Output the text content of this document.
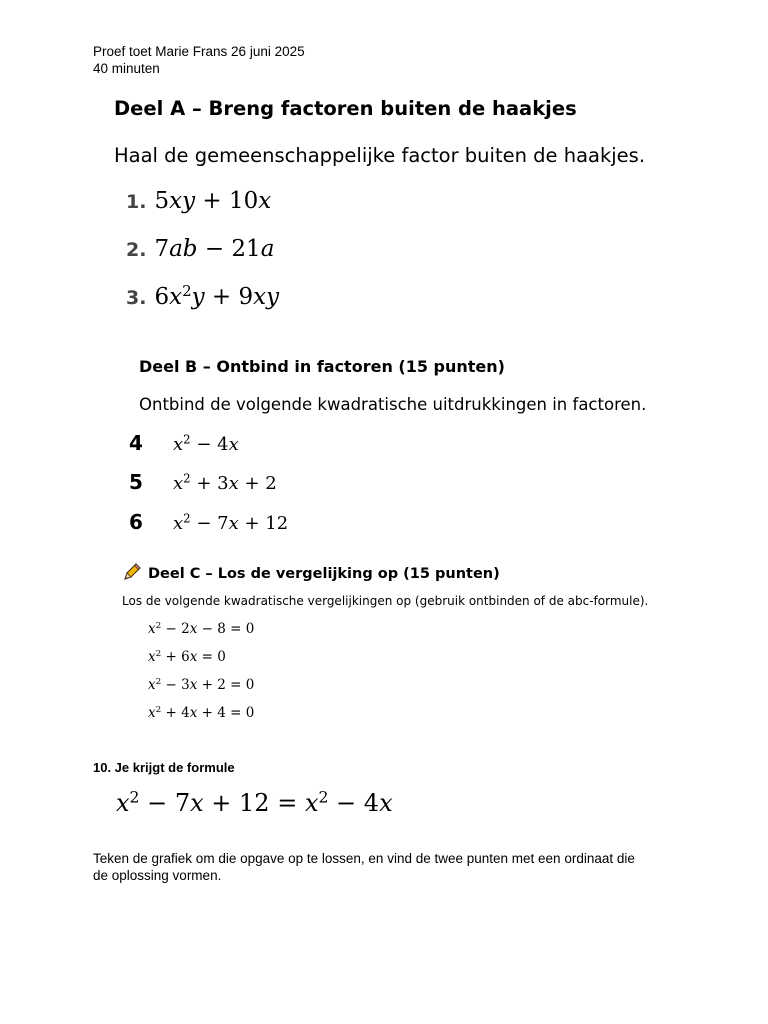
Proef toet Marie Frans 26 juni 2025
40 minuten
Deel A – Breng factoren buiten de haakjes
Haal de gemeenschappelijke factor buiten de haakjes.
1. 5xy + 10x
2. 7ab − 21a
3. $6x^2y + 9xy$
Deel B – Ontbind in factoren (15 punten)
Ontbind de volgende kwadratische uitdrukkingen in factoren.
4	$x^2 - 4x$
5	$x^2 + 3x + 2$
6	$x^2 - 7x + 12$
Deel C – Los de vergelijking op (15 punten)
Los de volgende kwadratische vergelijkingen op (gebruik ontbinden of de abc-formule).
$x^2 - 2x - 8 = 0$
$x^2 + 6x = 0$
$x^2 - 3x + 2 = 0$
$x^2 + 4x + 4 = 0$
10. Je krijgt de formule
$x^2 - 7x + 12 = x^2 - 4x$
Teken de grafiek om die opgave op te lossen, en vind de twee punten met een ordinaat die
de oplossing vormen.
